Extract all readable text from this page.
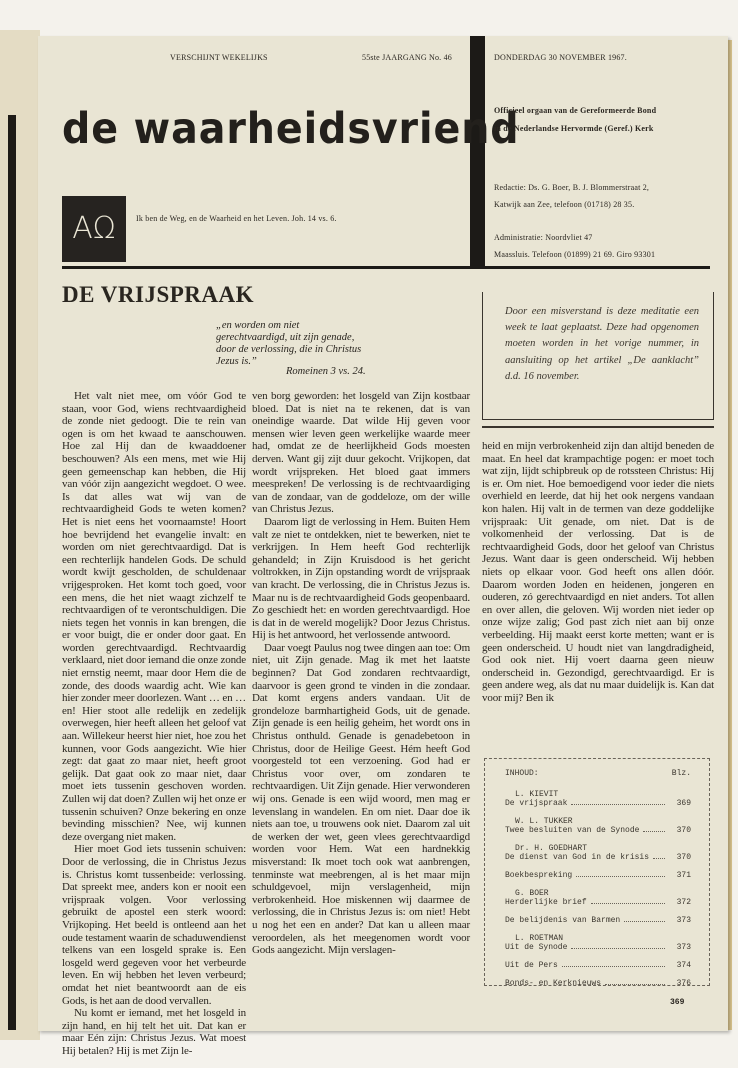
VERSCHIJNT WEKELIJKS	55ste JAARGANG No. 46	DONDERDAG 30 NOVEMBER 1967.
de waarheidsvriend
AΩ	Ik ben de Weg, en de Waarheid en het Leven. Joh. 14 vs. 6.
Officieel orgaan van de Gereformeerde Bond
in de Nederlandse Hervormde (Geref.) Kerk
Redactie: Ds. G. Boer, B. J. Blommerstraat 2,
Katwijk aan Zee, telefoon (01718) 28 35.
Administratie: Noordvliet 47
Maassluis. Telefoon (01899) 21 69. Giro 93301
DE VRIJSPRAAK
„en worden om niet gerechtvaardigd, uit zijn genade, door de verlossing, die in Christus Jezus is.”
Romeinen 3 vs. 24.
Door een misverstand is deze meditatie een week te laat geplaatst. Deze had opgenomen moeten worden in het vorige nummer, in aansluiting op het artikel „De aanklacht” d.d. 16 november.

Het valt niet mee, om vóór God te staan, voor God, wiens rechtvaardigheid de zonde niet gedoogt. Die te rein van ogen is om het kwaad te aanschouwen. Hoe zal Hij dan de kwaaddoener beschouwen? Als een mens, met wie Hij geen gemeenschap kan hebben, die Hij van vóór zijn aangezicht wegdoet. O wee. Is dat alles wat wij van de rechtvaardigheid Gods te weten komen? Het is niet eens het voornaamste! Hoort hoe bevrijdend het evangelie invalt: en worden om niet gerechtvaardigd. Dat is een rechterlijk handelen Gods. De schuld wordt kwijt gescholden, de schuldenaar vrijgesproken. Het komt toch goed, voor een mens, die het niet waagt zichzelf te rechtvaardigen of te verontschuldigen. Die niets tegen het vonnis in kan brengen, die er voor buigt, die er onder door gaat. En worden gerechtvaardigd. Rechtvaardig verklaard, niet door iemand die onze zonde niet ernstig neemt, maar door Hem die de zonde, des doods waardig acht. Wie kan hier zonder meer doorlezen. Want … en … en! Hier stoot alle redelijk en zedelijk overwegen, hier heeft alleen het geloof vat aan. Willekeur heerst hier niet, hoe zou het kunnen, voor Gods aangezicht. Wie hier zegt: dat gaat zo maar niet, heeft groot gelijk. Dat gaat ook zo maar niet, daar moet iets tussenin geschoven worden. Zullen wij dat doen? Zullen wij het onze er tussenin schuiven? Onze bekering en onze bevinding misschien? Nee, wij kunnen deze overgang niet maken.

Hier moet God iets tussenin schuiven: Door de verlossing, die in Christus Jezus is. Christus komt tussenbeide: verlossing. Dat spreekt mee, anders kon er nooit een vrijspraak volgen. Voor verlossing gebruikt de apostel een sterk woord: Vrijkoping. Het beeld is ontleend aan het oude testament waarin de schaduwendienst telkens van een losgeld sprake is. Een losgeld werd gegeven voor het verbeurde leven. En wij hebben het leven verbeurd; omdat het niet beantwoordt aan de eis Gods, is het aan de dood vervallen.

Nu komt er iemand, met het losgeld in zijn hand, en hij telt het uit. Dat kan er maar Eén zijn: Christus Jezus. Wat moest Hij betalen? Hij is met Zijn le-

ven borg geworden: het losgeld van Zijn kostbaar bloed. Dat is niet na te rekenen, dat is van oneindige waarde. Dat wilde Hij geven voor mensen wier leven geen werkelijke waarde meer had, omdat ze de heerlijkheid Gods moesten derven. Want gij zijt duur gekocht. Vrijkopen, dat wordt vrijspreken. Het bloed gaat immers meespreken! De verlossing is de rechtvaardiging van de zondaar, van de goddeloze, om der wille van Christus Jezus.

Daarom ligt de verlossing in Hem. Buiten Hem valt ze niet te ontdekken, niet te bewerken, niet te verkrijgen. In Hem heeft God rechterlijk gehandeld; in Zijn Kruisdood is het gericht voltrokken, in Zijn opstanding wordt de vrijspraak van kracht. De verlossing, die in Christus Jezus is. Maar nu is de rechtvaardigheid Gods geopenbaard. Zo geschiedt het: en worden gerechtvaardigd. Hoe is dat in de wereld mogelijk? Door Jezus Christus. Hij is het antwoord, het verlossende antwoord.

Daar voegt Paulus nog twee dingen aan toe: Om niet, uit Zijn genade. Mag ik met het laatste beginnen? Dat God zondaren rechtvaardigt, daarvoor is geen grond te vinden in die zondaar. Dat komt ergens anders vandaan. Uit de grondeloze barmhartigheid Gods, uit de genade. Zijn genade is een heilig geheim, het wordt ons in Christus onthuld. Genade is genadebetoon in Christus, door de Heilige Geest. Hém heeft God voorgesteld tot een verzoening. God had er Christus voor over, om zondaren te rechtvaardigen. Uit Zijn genade. Hier verwonderen wij ons. Genade is een wijd woord, men mag er levenslang in wandelen. En om niet. Daar doe ik niets aan toe, u trouwens ook niet. Daarom zal uit de werken der wet, geen vlees gerechtvaardigd worden voor Hem. Wat een hardnekkig misverstand: Ik moet toch ook wat aanbrengen, tenminste wat meebrengen, al is het maar mijn schuldgevoel, mijn verslagenheid, mijn verbrokenheid. Hoe miskennen wij daarmee de verlossing, die in Christus Jezus is: om niet! Hebt u nog het een en ander? Dat kan u alleen maar veroordelen, als het meegenomen wordt voor Gods aangezicht. Mijn verslagen-

heid en mijn verbrokenheid zijn dan altijd beneden de maat. En heel dat krampachtige pogen: er moet toch wat zijn, lijdt schipbreuk op de rotssteen Christus: Hij is er. Om niet. Hoe bemoedigend voor ieder die niets overhield en leerde, dat hij het ook nergens vandaan kon halen. Hij valt in de termen van deze goddelijke vrijspraak: Uit genade, om niet. Dat is de volkomenheid der verlossing. Dat is de rechtvaardigheid Gods, door het geloof van Christus Jezus. Want daar is geen onderscheid. Wij hebben niets op elkaar voor. God heeft ons allen dóór. Daarom worden Joden en heidenen, jongeren en ouderen, zó gerechtvaardigd en niet anders. Tot allen en over allen, die geloven. Wij worden niet ieder op onze wijze zalig; God past zich niet aan bij onze verbeelding. Hij maakt eerst korte metten; want er is geen onderscheid. U houdt niet van langdradigheid, God ook niet. Hij voert daarna geen nieuw onderscheid in. Gezondigd, gerechtvaardigd. Er is geen andere weg, als dat nu maar duidelijk is. Kan dat voor mij? Ben ik

INHOUD:	Blz.
L. KIEVIT
De vrijspraak	369
W. L. TUKKER
Twee besluiten van de Synode	370
Dr. H. GOEDHART
De dienst van God in de krisis	370
Boekbespreking	371
G. BOER
Herderlijke brief	372
De belijdenis van Barmen	373
L. ROETMAN
Uit de Synode	373
Uit de Pers	374
Bonds- en Kerknieuws	376
369
